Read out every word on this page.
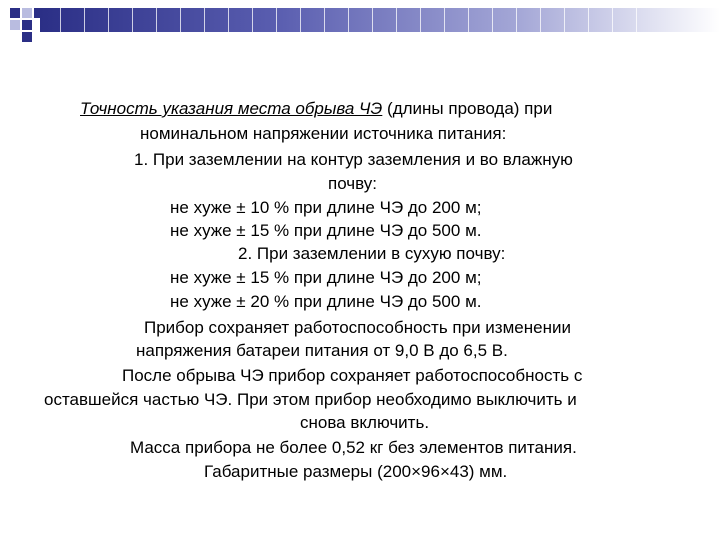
Точность указания места обрыва ЧЭ (длины провода) при
номинальном напряжении источника питания:
1. При заземлении на контур заземления и во влажную
почву:
не хуже ± 10 % при длине ЧЭ до 200 м;
не хуже ± 15 % при длине ЧЭ до 500 м.
2. При заземлении в сухую почву:
не хуже ± 15 % при длине ЧЭ до 200 м;
не хуже ± 20 % при длине ЧЭ до 500 м.
Прибор сохраняет работоспособность при изменении
напряжения батареи питания от 9,0 В до 6,5 В.
После обрыва ЧЭ прибор сохраняет работоспособность с
оставшейся частью ЧЭ. При этом прибор необходимо выключить и
снова включить.
Масса прибора не более 0,52 кг без элементов питания.
Габаритные размеры (200×96×43) мм.
